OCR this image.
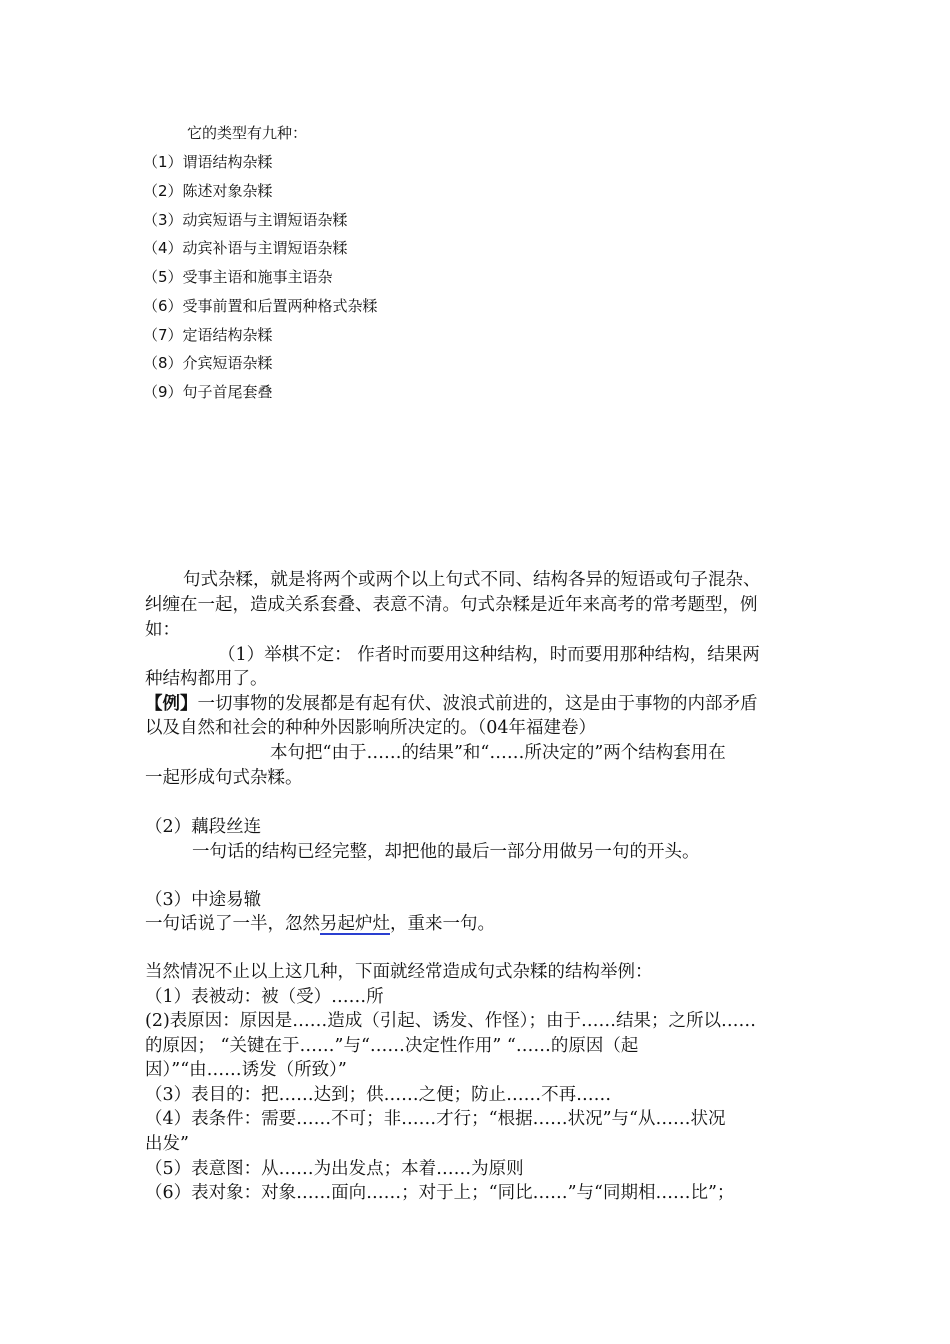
它的类型有九种：
（1）谓语结构杂糅
（2）陈述对象杂糅
（3）动宾短语与主谓短语杂糅
（4）动宾补语与主谓短语杂糅
（5）受事主语和施事主语杂
（6）受事前置和后置两种格式杂糅
（7）定语结构杂糅
（8）介宾短语杂糅
（9）句子首尾套叠
句式杂糅，就是将两个或两个以上句式不同、结构各异的短语或句子混杂、
纠缠在一起，造成关系套叠、表意不清。句式杂糅是近年来高考的常考题型，例
如：
（1）举棋不定： 作者时而要用这种结构，时而要用那种结构，结果两
种结构都用了。
【例】一切事物的发展都是有起有伏、波浪式前进的，这是由于事物的内部矛盾
以及自然和社会的种种外因影响所决定的。（04年福建卷）
本句把“由于……的结果”和“……所决定的”两个结构套用在
一起形成句式杂糅。
（2）藕段丝连
一句话的结构已经完整，却把他的最后一部分用做另一句的开头。
（3）中途易辙
一句话说了一半，忽然另起炉灶，重来一句。
当然情况不止以上这几种，下面就经常造成句式杂糅的结构举例：
（1）表被动：被（受）……所
(2)表原因：原因是……造成（引起、诱发、作怪）；由于……结果；之所以……
的原因； “关键在于……”与“……决定性作用” “……的原因（起
因）”“由……诱发（所致）”
（3）表目的：把……达到；供……之便；防止……不再……
（4）表条件：需要……不可；非……才行；“根据……状况”与“从……状况
出发”
（5）表意图：从……为出发点；本着……为原则
（6）表对象：对象……面向……；对于上；“同比……”与“同期相……比”；
